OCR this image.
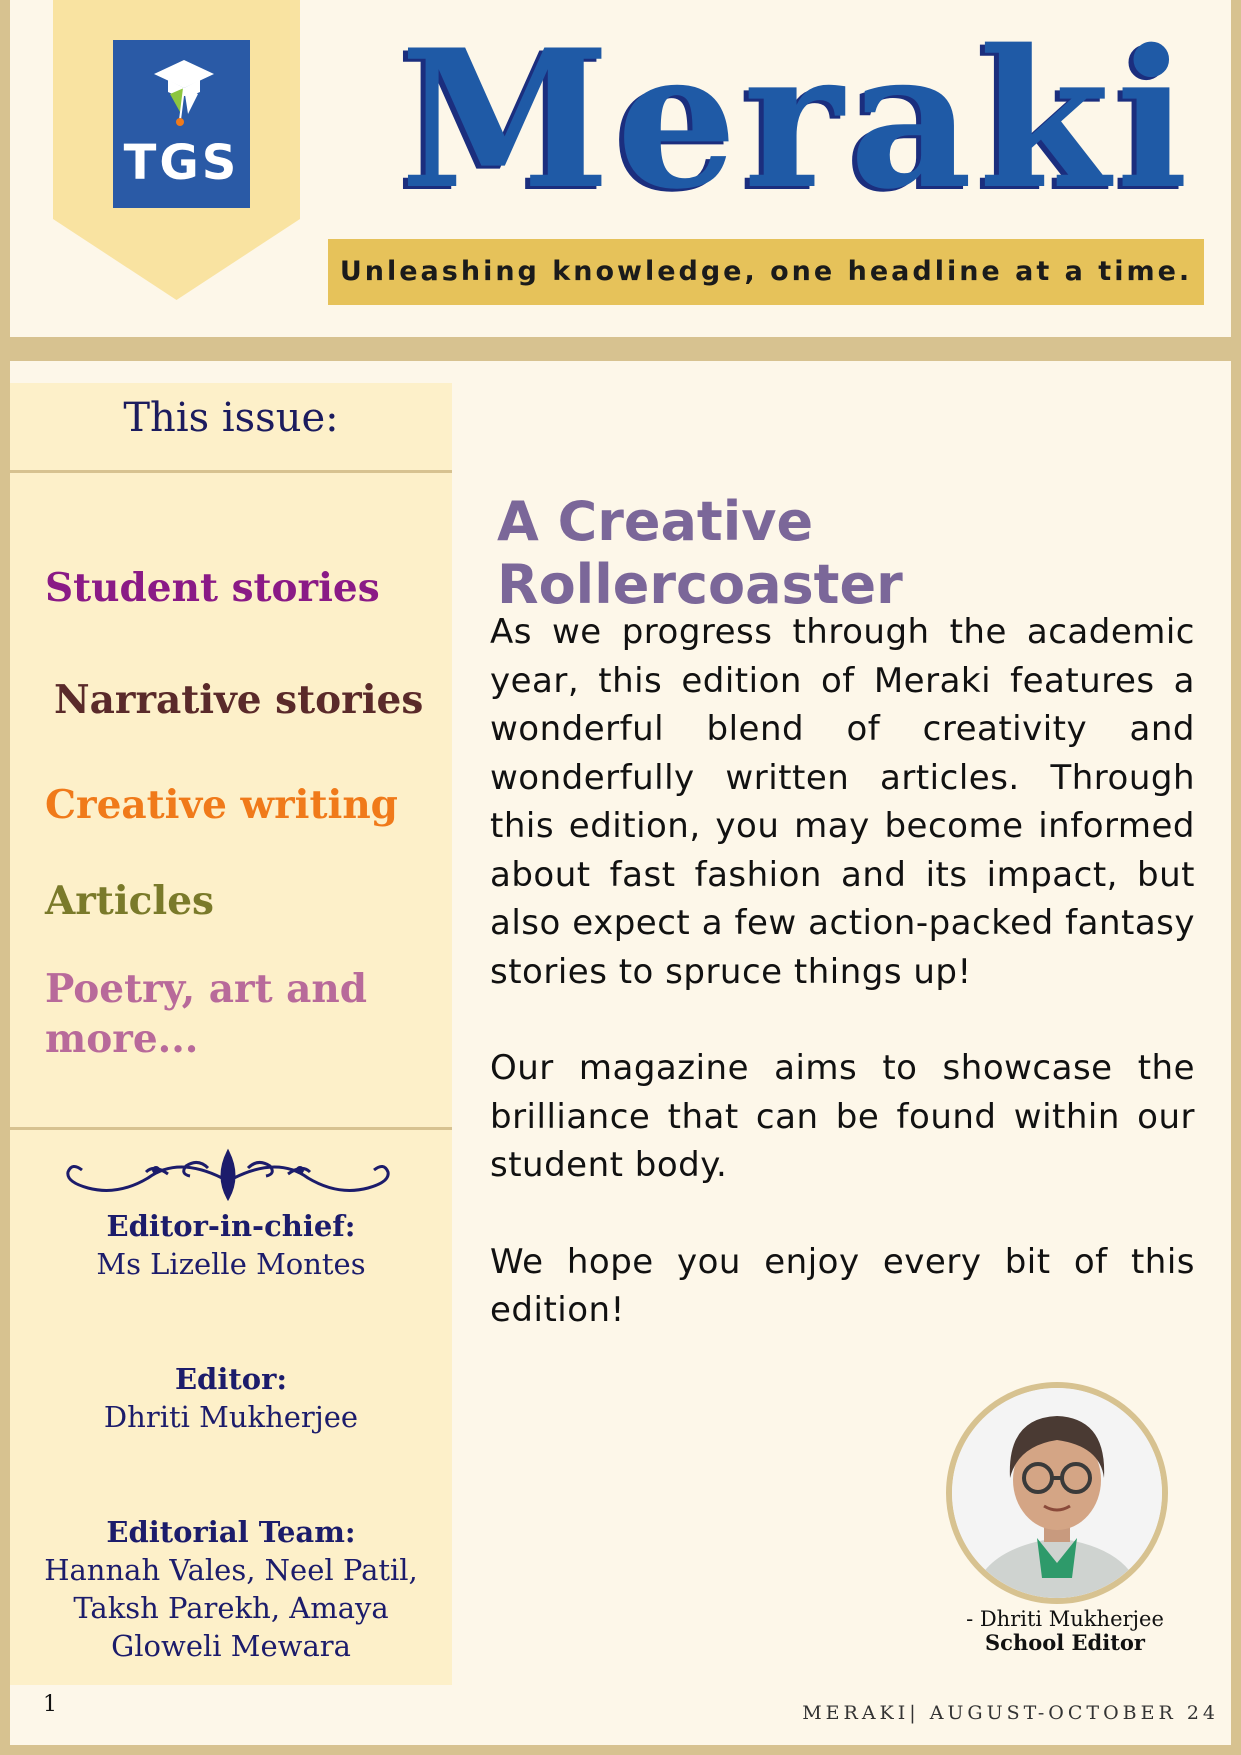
TGS Meraki
Unleashing knowledge, one headline at a time.
This issue:
Student stories
Narrative stories
Creative writing
Articles
Poetry, art and
more...
Editor-in-chief:
Ms Lizelle Montes
Editor:
Dhriti Mukherjee
Editorial Team:
Hannah Vales, Neel Patil,
Taksh Parekh, Amaya
Gloweli Mewara
A Creative Rollercoaster

As we progress through the academic year, this edition of Meraki features a wonderful blend of creativity and wonderfully written articles. Through this edition, you may become informed about fast fashion and its impact, but also expect a few action-packed fantasy stories to spruce things up!

Our magazine aims to showcase the brilliance that can be found within our student body.

We hope you enjoy every bit of this edition!

- Dhriti Mukherjee
School Editor
1	MERAKI| AUGUST-OCTOBER 24
